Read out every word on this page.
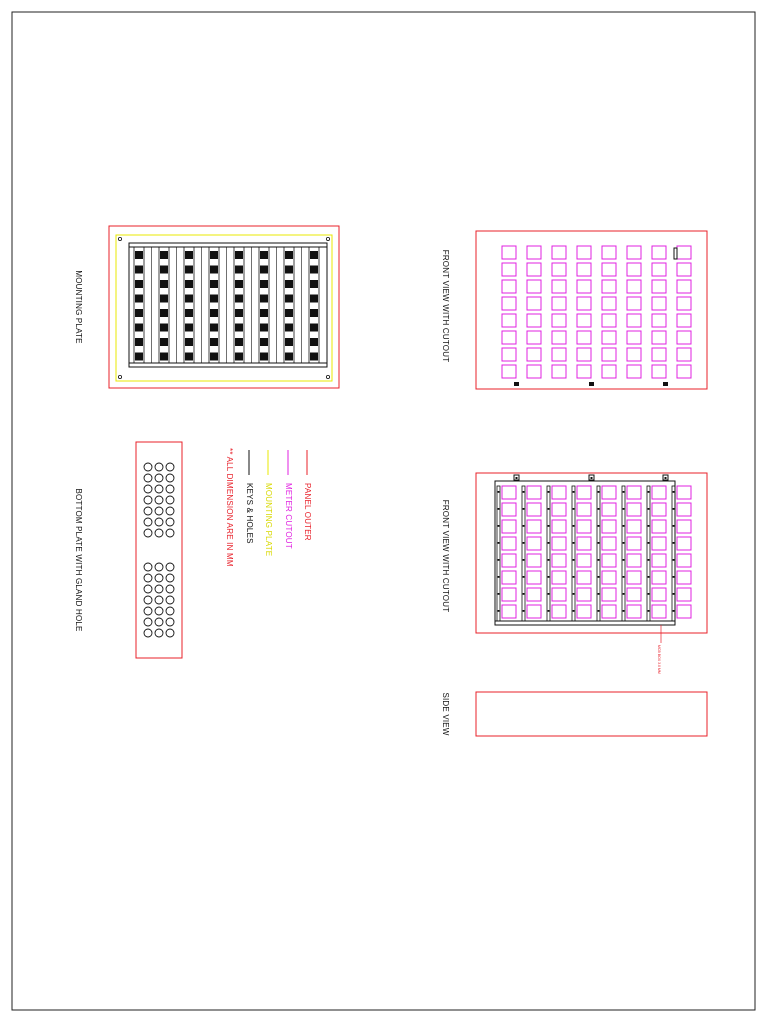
MOUNTING PLATE
BOTTOM PLATE WITH GLAND HOLE	PANEL OUTER
METER CUTOUT
MOUNTING PLATE
KEYS & HOLES
** ALL DIMENSION ARE IN MM
FRONT VIEW WITH CUTOUT
MCB BOX 3.0 MM
FRONT VIEW WITH CUTOUT
SIDE VIEW
